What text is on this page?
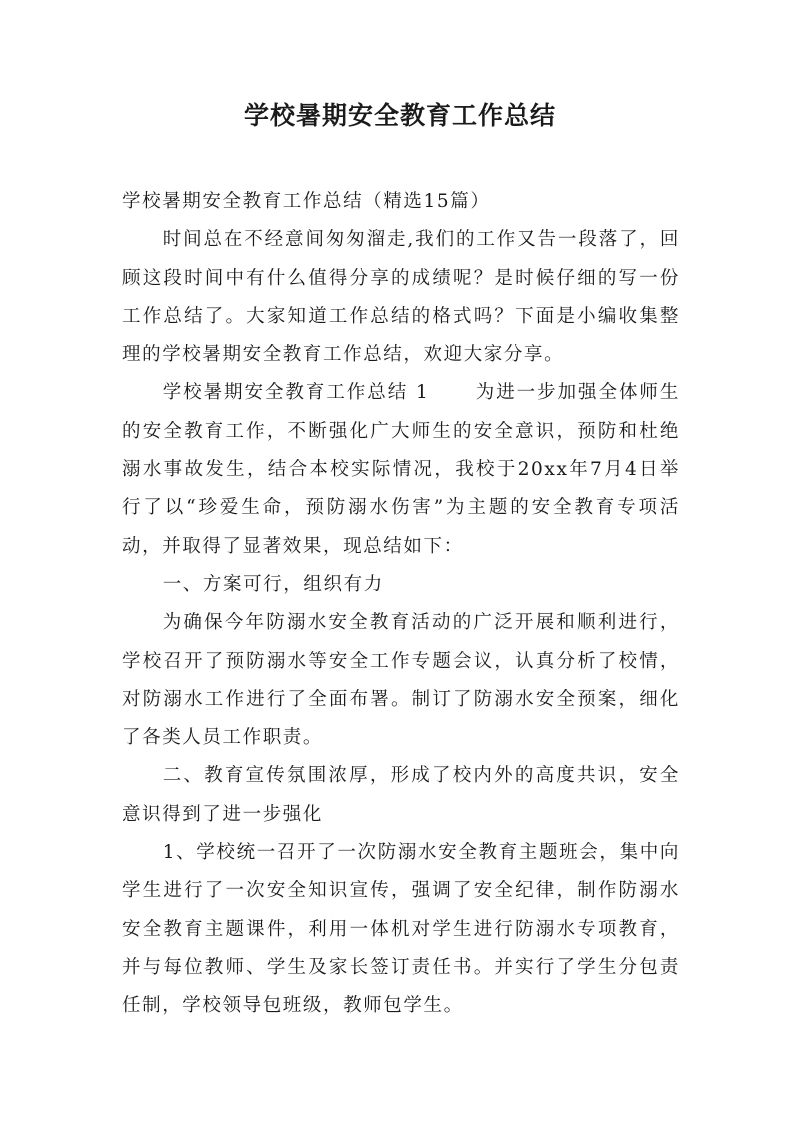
学校暑期安全教育工作总结

学校暑期安全教育工作总结（精选15篇）

时间总在不经意间匆匆溜走,我们的工作又告一段落了，回顾这段时间中有什么值得分享的成绩呢？是时候仔细的写一份工作总结了。大家知道工作总结的格式吗？下面是小编收集整理的学校暑期安全教育工作总结，欢迎大家分享。

学校暑期安全教育工作总结 1 为进一步加强全体师生的安全教育工作，不断强化广大师生的安全意识，预防和杜绝溺水事故发生，结合本校实际情况，我校于20xx年7月4日举行了以“珍爱生命，预防溺水伤害”为主题的安全教育专项活动，并取得了显著效果，现总结如下：

一、方案可行，组织有力

为确保今年防溺水安全教育活动的广泛开展和顺利进行，学校召开了预防溺水等安全工作专题会议，认真分析了校情，对防溺水工作进行了全面布署。制订了防溺水安全预案，细化了各类人员工作职责。

二、教育宣传氛围浓厚，形成了校内外的高度共识，安全意识得到了进一步强化

1、学校统一召开了一次防溺水安全教育主题班会，集中向学生进行了一次安全知识宣传，强调了安全纪律，制作防溺水安全教育主题课件，利用一体机对学生进行防溺水专项教育，并与每位教师、学生及家长签订责任书。并实行了学生分包责任制，学校领导包班级，教师包学生。
